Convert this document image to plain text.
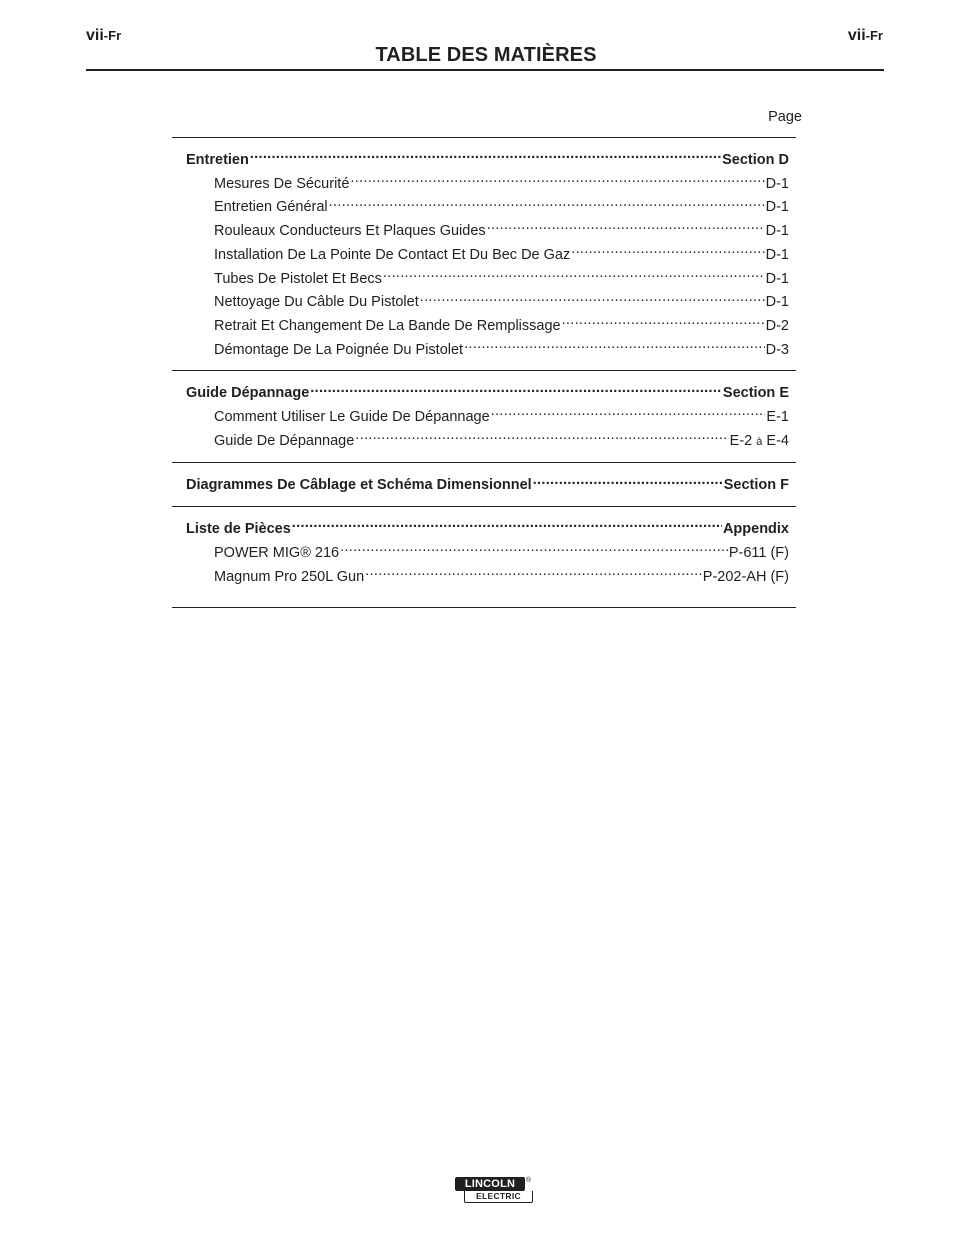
vii-Fr	vii-Fr
TABLE DES MATIÈRES
Page
Entretien .....	Section D
Mesures De Sécurité .....	D-1
Entretien Général .....	D-1
Rouleaux Conducteurs Et Plaques Guides .....	D-1
Installation De La Pointe De Contact Et Du Bec De Gaz .....	D-1
Tubes De Pistolet Et Becs .....	D-1
Nettoyage Du Câble Du Pistolet .....	D-1
Retrait Et Changement De La Bande De Remplissage .....	D-2
Démontage De La Poignée Du Pistolet .....	D-3
Guide Dépannage .....	Section E
Comment Utiliser Le Guide De Dépannage .....	E-1
Guide De Dépannage .....	E-2 à E-4
Diagrammes De Câblage et Schéma Dimensionnel .....	Section F
Liste de Pièces .....	Appendix
POWER MIG® 216 .....	P-611 (F)
Magnum Pro 250L Gun .....	P-202-AH (F)
LINCOLN
ELECTRIC
®
